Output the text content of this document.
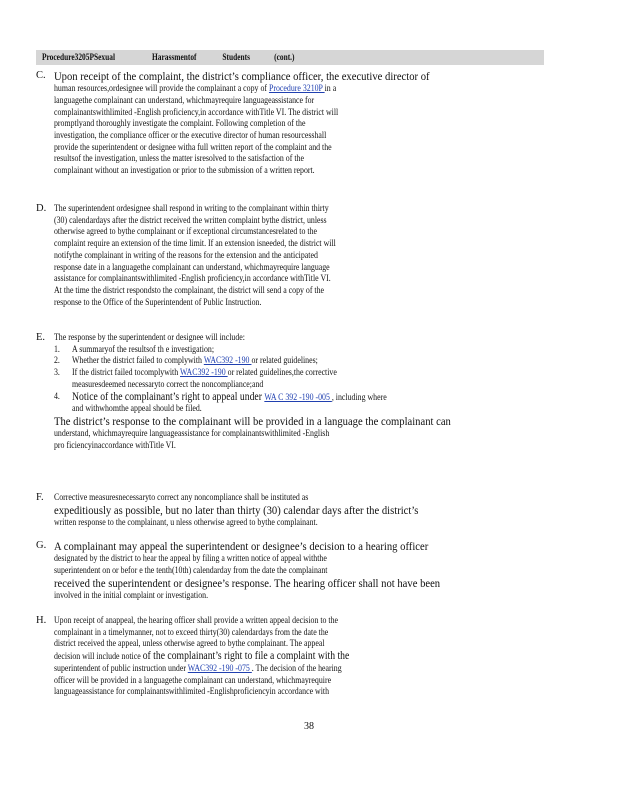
Procedure3205PSexual                    Harassmentof              Students             (cont.)
C. Upon receipt of the complaint, the district’s compliance officer, the executive director of
human resources,ordesignee will provide the complainant a copy of Procedure 3210P in a
languagethe complainant can understand, whichmayrequire languageassistance for
complainantswithlimited -English proficiency,in accordance withTitle VI. The district will
promptlyand thoroughly investigate the complaint. Following completion of the
investigation, the compliance officer or the executive director of human resourcesshall
provide the superintendent or designee witha full written report of the complaint and the
resultsof the investigation, unless the matter isresolved to the satisfaction of the
complainant without an investigation or prior to the submission of a written report.
D. The superintendent ordesignee shall respond in writing to the complainant within thirty
(30) calendardays after the district received the written complaint bythe district, unless
otherwise agreed to bythe complainant or if exceptional circumstancesrelated to the
complaint require an extension of the time limit. If an extension isneeded, the district will
notifythe complainant in writing of the reasons for the extension and the anticipated
response date in a languagethe complainant can understand, whichmayrequire language
assistance for complainantswithlimited -English proficiency,in accordance withTitle VI.
At the time the district respondsto the complainant, the district will send a copy of the
response to the Office of the Superintendent of Public Instruction.
E. The response by the superintendent or designee will include:
1. A summaryof the resultsof th e investigation;
2. Whether the district failed to complywith WAC392 -190 or related guidelines;
3. If the district failed tocomplywith WAC392 -190 or related guidelines,the corrective
measuresdeemed necessaryto correct the noncompliance;and
4. Notice of the complainant’s right to appeal under WA C 392 -190 -005 , including where
and withwhomthe appeal should be filed.
The district’s response to the complainant will be provided in a language the complainant can
understand, whichmayrequire languageassistance for complainantswithlimited -English
pro ficiencyinaccordance withTitle VI.
F. Corrective measuresnecessaryto correct any noncompliance shall be instituted as
expeditiously as possible, but no later than thirty (30) calendar days after the district’s
written response to the complainant, u nless otherwise agreed to bythe complainant.
G. A complainant may appeal the superintendent or designee’s decision to a hearing officer
designated by the district to hear the appeal by filing a written notice of appeal withthe
superintendent on or befor e the tenth(10th) calendarday from the date the complainant
received the superintendent or designee’s response. The hearing officer shall not have been
involved in the initial complaint or investigation.
H. Upon receipt of anappeal, the hearing officer shall provide a written appeal decision to the
complainant in a timelymanner, not to exceed thirty(30) calendardays from the date the
district received the appeal, unless otherwise agreed to bythe complainant. The appeal
decision will include notice of the complainant’s right to file a complaint with the
superintendent of public instruction under WAC392 -190 -075 . The decision of the hearing
officer will be provided in a languagethe complainant can understand, whichmayrequire
languageassistance for complainantswithlimited -Englishproficiencyin accordance with
38
